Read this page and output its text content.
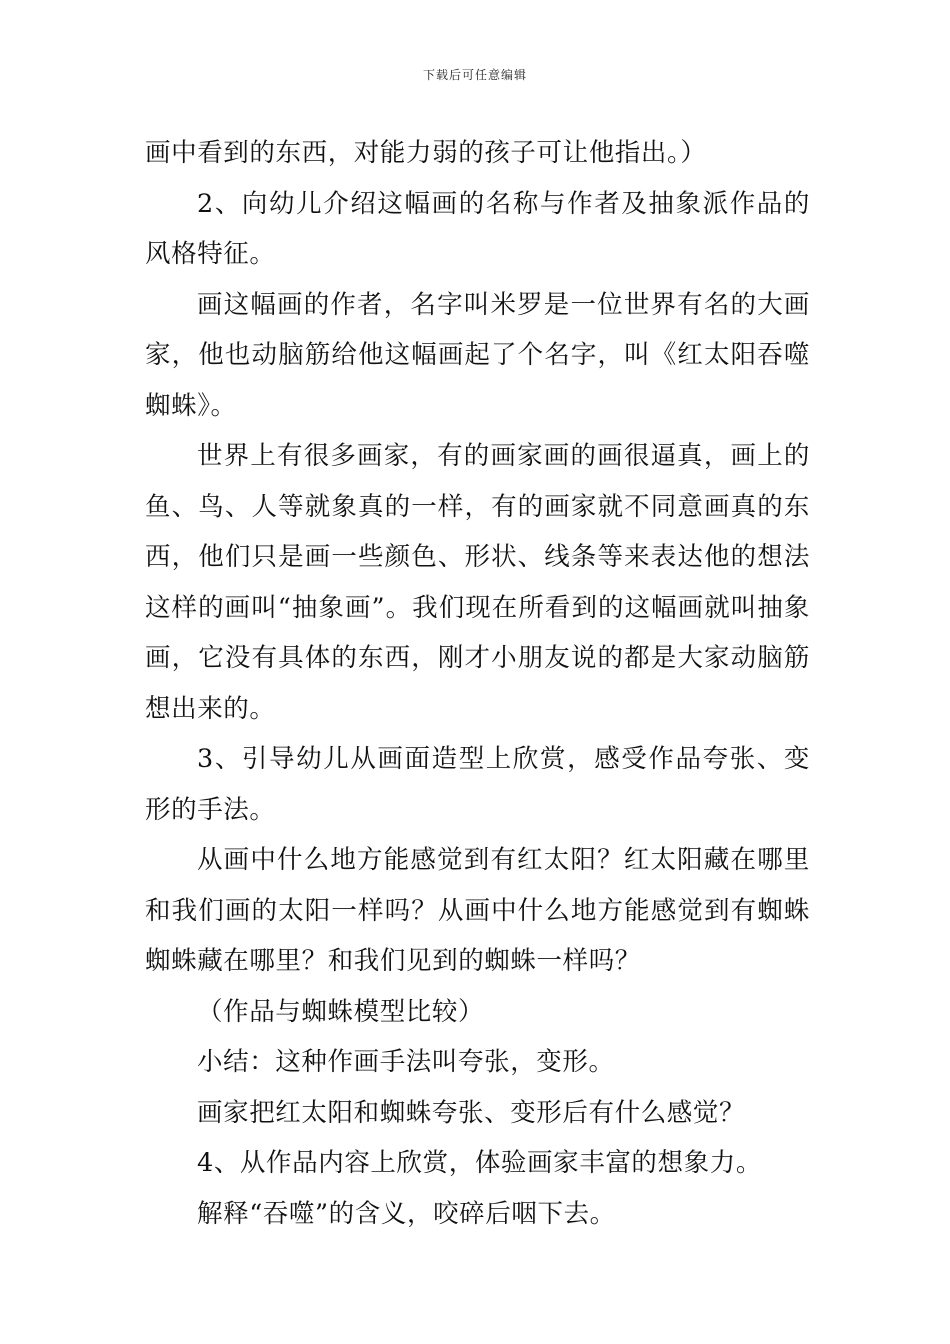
下载后可任意编辑

画中看到的东西，对能力弱的孩子可让他指出。）

2、向幼儿介绍这幅画的名称与作者及抽象派作品的风格特征。

画这幅画的作者，名字叫米罗是一位世界有名的大画家，他也动脑筋给他这幅画起了个名字，叫《红太阳吞噬蜘蛛》。

世界上有很多画家，有的画家画的画很逼真，画上的鱼、鸟、人等就象真的一样，有的画家就不同意画真的东西，他们只是画一些颜色、形状、线条等来表达他的想法这样的画叫“抽象画”。我们现在所看到的这幅画就叫抽象画，它没有具体的东西，刚才小朋友说的都是大家动脑筋想出来的。

3、引导幼儿从画面造型上欣赏，感受作品夸张、变形的手法。

从画中什么地方能感觉到有红太阳？红太阳藏在哪里和我们画的太阳一样吗？从画中什么地方能感觉到有蜘蛛蜘蛛藏在哪里？和我们见到的蜘蛛一样吗？

（作品与蜘蛛模型比较）

小结：这种作画手法叫夸张，变形。

画家把红太阳和蜘蛛夸张、变形后有什么感觉？

4、从作品内容上欣赏，体验画家丰富的想象力。

解释“吞噬”的含义，咬碎后咽下去。
